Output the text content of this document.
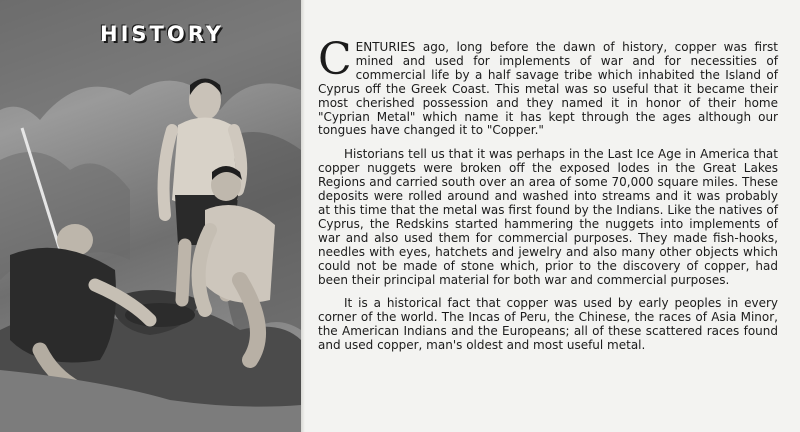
HISTORY CENTURIES ago, long before the dawn of history, copper was first mined and used for implements of war and for necessities of commercial life by a half savage tribe which inhabited the Island of Cyprus off the Greek Coast. This metal was so useful that it became their most cherished possession and they named it in honor of their home "Cyprian Metal" which name it has kept through the ages although our tongues have changed it to "Copper."

Historians tell us that it was perhaps in the Last Ice Age in America that copper nuggets were broken off the exposed lodes in the Great Lakes Regions and carried south over an area of some 70,000 square miles. These deposits were rolled around and washed into streams and it was probably at this time that the metal was first found by the Indians. Like the natives of Cyprus, the Redskins started hammering the nuggets into implements of war and also used them for commercial purposes. They made fish-hooks, needles with eyes, hatchets and jewelry and also many other objects which could not be made of stone which, prior to the discovery of copper, had been their principal material for both war and commercial purposes.

It is a historical fact that copper was used by early peoples in every corner of the world. The Incas of Peru, the Chinese, the races of Asia Minor, the American Indians and the Europeans; all of these scattered races found and used copper, man's oldest and most useful metal.
